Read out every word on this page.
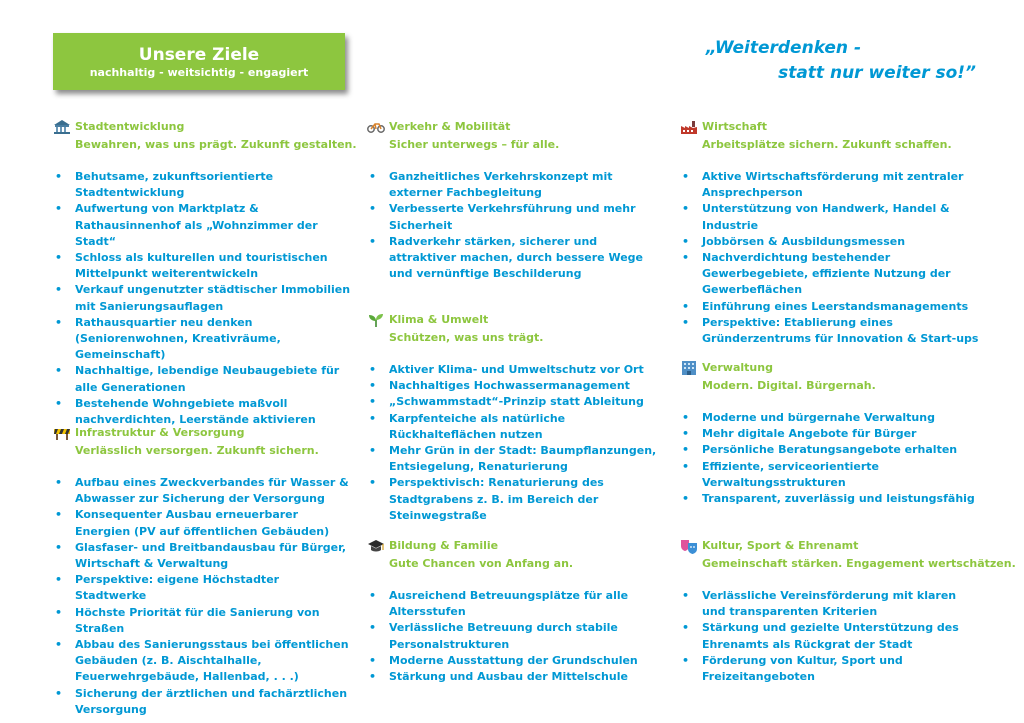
Unsere Ziele
nachhaltig - weitsichtig - engagiert
„Weiterdenken -
statt nur weiter so!”
Stadtentwicklung
Bewahren, was uns prägt. Zukunft gestalten.
• Behutsame, zukunftsorientierte Stadtentwicklung
• Aufwertung von Marktplatz & Rathausinnenhof als „Wohnzimmer der Stadt“
• Schloss als kulturellen und touristischen Mittelpunkt weiterentwickeln
• Verkauf ungenutzter städtischer Immobilien mit Sanierungsauflagen
• Rathausquartier neu denken (Seniorenwohnen, Kreativräume, Gemeinschaft)
• Nachhaltige, lebendige Neubaugebiete für alle Generationen
• Bestehende Wohngebiete maßvoll nachverdichten, Leerstände aktivieren
Infrastruktur & Versorgung
Verlässlich versorgen. Zukunft sichern.
• Aufbau eines Zweckverbandes für Wasser & Abwasser zur Sicherung der Versorgung
• Konsequenter Ausbau erneuerbarer Energien (PV auf öffentlichen Gebäuden)
• Glasfaser- und Breitbandausbau für Bürger, Wirtschaft & Verwaltung
• Perspektive: eigene Höchstadter Stadtwerke
• Höchste Priorität für die Sanierung von Straßen
• Abbau des Sanierungsstaus bei öffentlichen Gebäuden (z. B. Aischtalhalle, Feuerwehrgebäude, Hallenbad, . . .)
• Sicherung der ärztlichen und fachärztlichen Versorgung
Verkehr & Mobilität
Sicher unterwegs – für alle.
• Ganzheitliches Verkehrskonzept mit externer Fachbegleitung
• Verbesserte Verkehrsführung und mehr Sicherheit
• Radverkehr stärken, sicherer und attraktiver machen, durch bessere Wege und vernünftige Beschilderung
Klima & Umwelt
Schützen, was uns trägt.
• Aktiver Klima- und Umweltschutz vor Ort
• Nachhaltiges Hochwassermanagement
• „Schwammstadt“-Prinzip statt Ableitung
• Karpfenteiche als natürliche Rückhalteflächen nutzen
• Mehr Grün in der Stadt: Baumpflanzungen, Entsiegelung, Renaturierung
• Perspektivisch: Renaturierung des Stadtgrabens z. B. im Bereich der Steinwegstraße
Bildung & Familie
Gute Chancen von Anfang an.
• Ausreichend Betreuungsplätze für alle Altersstufen
• Verlässliche Betreuung durch stabile Personalstrukturen
• Moderne Ausstattung der Grundschulen
• Stärkung und Ausbau der Mittelschule
Wirtschaft
Arbeitsplätze sichern. Zukunft schaffen.
• Aktive Wirtschaftsförderung mit zentraler Ansprechperson
• Unterstützung von Handwerk, Handel & Industrie
• Jobbörsen & Ausbildungsmessen
• Nachverdichtung bestehender Gewerbegebiete, effiziente Nutzung der Gewerbeflächen
• Einführung eines Leerstandsmanagements
• Perspektive: Etablierung eines Gründerzentrums für Innovation & Start-ups
Verwaltung
Modern. Digital. Bürgernah.
• Moderne und bürgernahe Verwaltung
• Mehr digitale Angebote für Bürger
• Persönliche Beratungsangebote erhalten
• Effiziente, serviceorientierte Verwaltungsstrukturen
• Transparent, zuverlässig und leistungsfähig
Kultur, Sport & Ehrenamt
Gemeinschaft stärken. Engagement wertschätzen.
• Verlässliche Vereinsförderung mit klaren und transparenten Kriterien
• Stärkung und gezielte Unterstützung des Ehrenamts als Rückgrat der Stadt
• Förderung von Kultur, Sport und Freizeitangeboten
